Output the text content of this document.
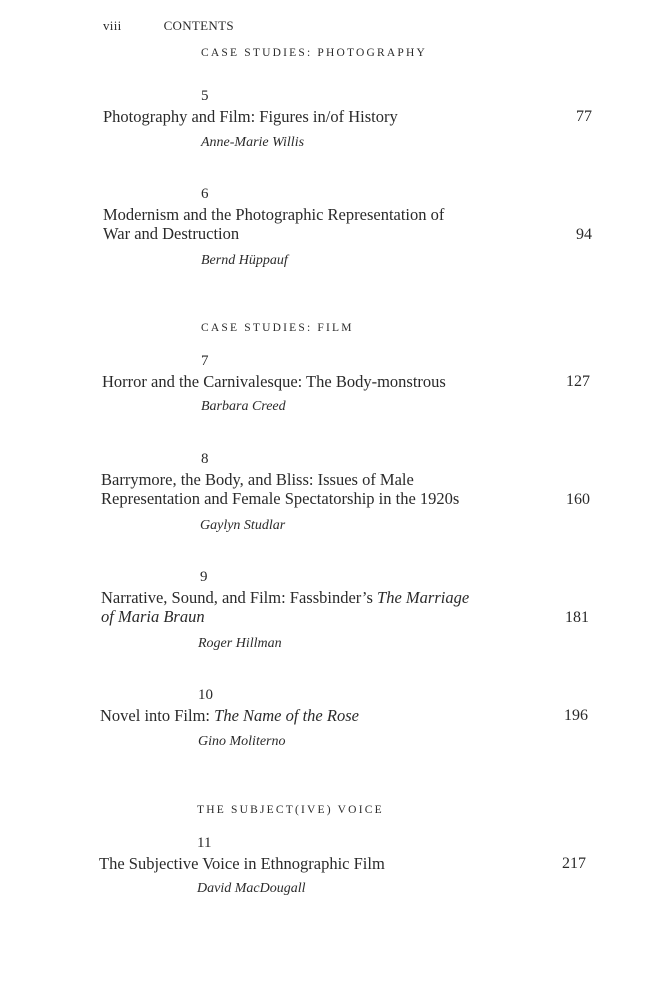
viii	CONTENTS
CASE STUDIES: PHOTOGRAPHY
5
Photography and Film: Figures in/of History	77
Anne-Marie Willis
6
Modernism and the Photographic Representation of
War and Destruction	94
Bernd Hüppauf
CASE STUDIES: FILM
7
Horror and the Carnivalesque: The Body-monstrous	127
Barbara Creed
8
Barrymore, the Body, and Bliss: Issues of Male
Representation and Female Spectatorship in the 1920s	160
Gaylyn Studlar
9
Narrative, Sound, and Film: Fassbinder’s The Marriage
of Maria Braun	181
Roger Hillman
10
Novel into Film: The Name of the Rose	196
Gino Moliterno
THE SUBJECT(IVE) VOICE
11
The Subjective Voice in Ethnographic Film	217
David MacDougall
